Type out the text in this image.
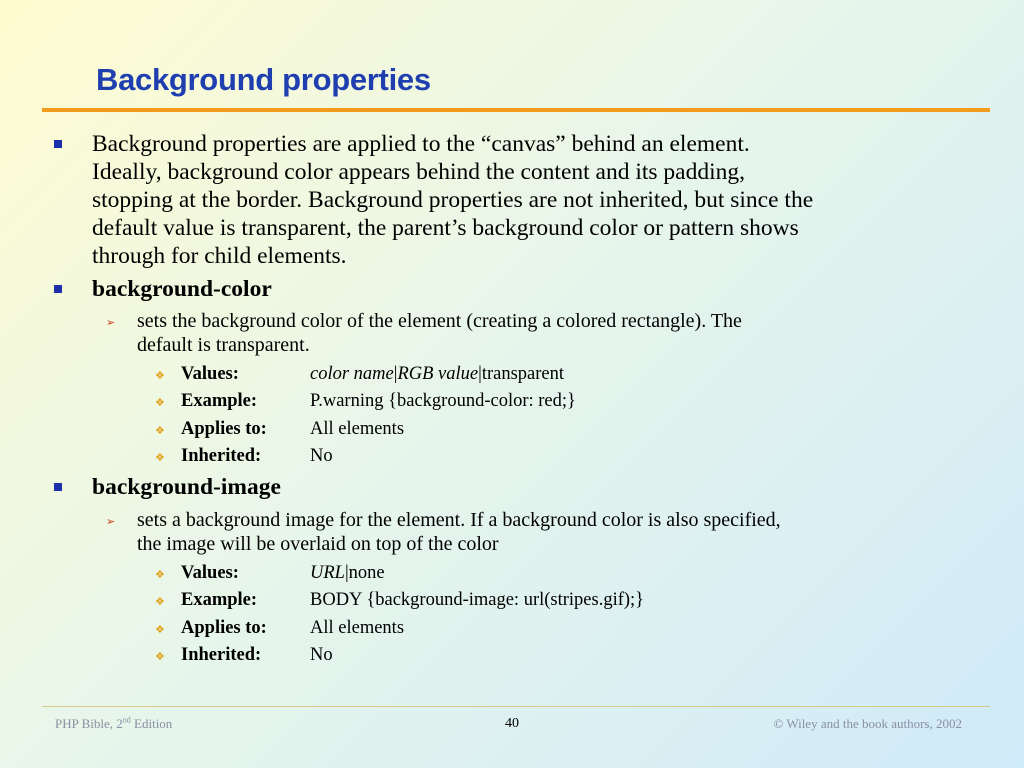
Background properties
Background properties are applied to the “canvas” behind an element.
Ideally, background color appears behind the content and its padding,
stopping at the border. Background properties are not inherited, but since the
default value is transparent, the parent’s background color or pattern shows
through for child elements.
background-color
➢ sets the background color of the element (creating a colored rectangle). The
default is transparent.
❖ Values:	color name|RGB value|transparent
❖ Example:	P.warning {background-color: red;}
❖ Applies to: All elements
❖ Inherited:	No
background-image
➢ sets a background image for the element. If a background color is also specified,
the image will be overlaid on top of the color
❖ Values:	URL|none
❖ Example:	BODY {background-image: url(stripes.gif);}
❖ Applies to: All elements
❖ Inherited:	No
PHP Bible, 2nd Edition	40	© Wiley and the book authors, 2002
